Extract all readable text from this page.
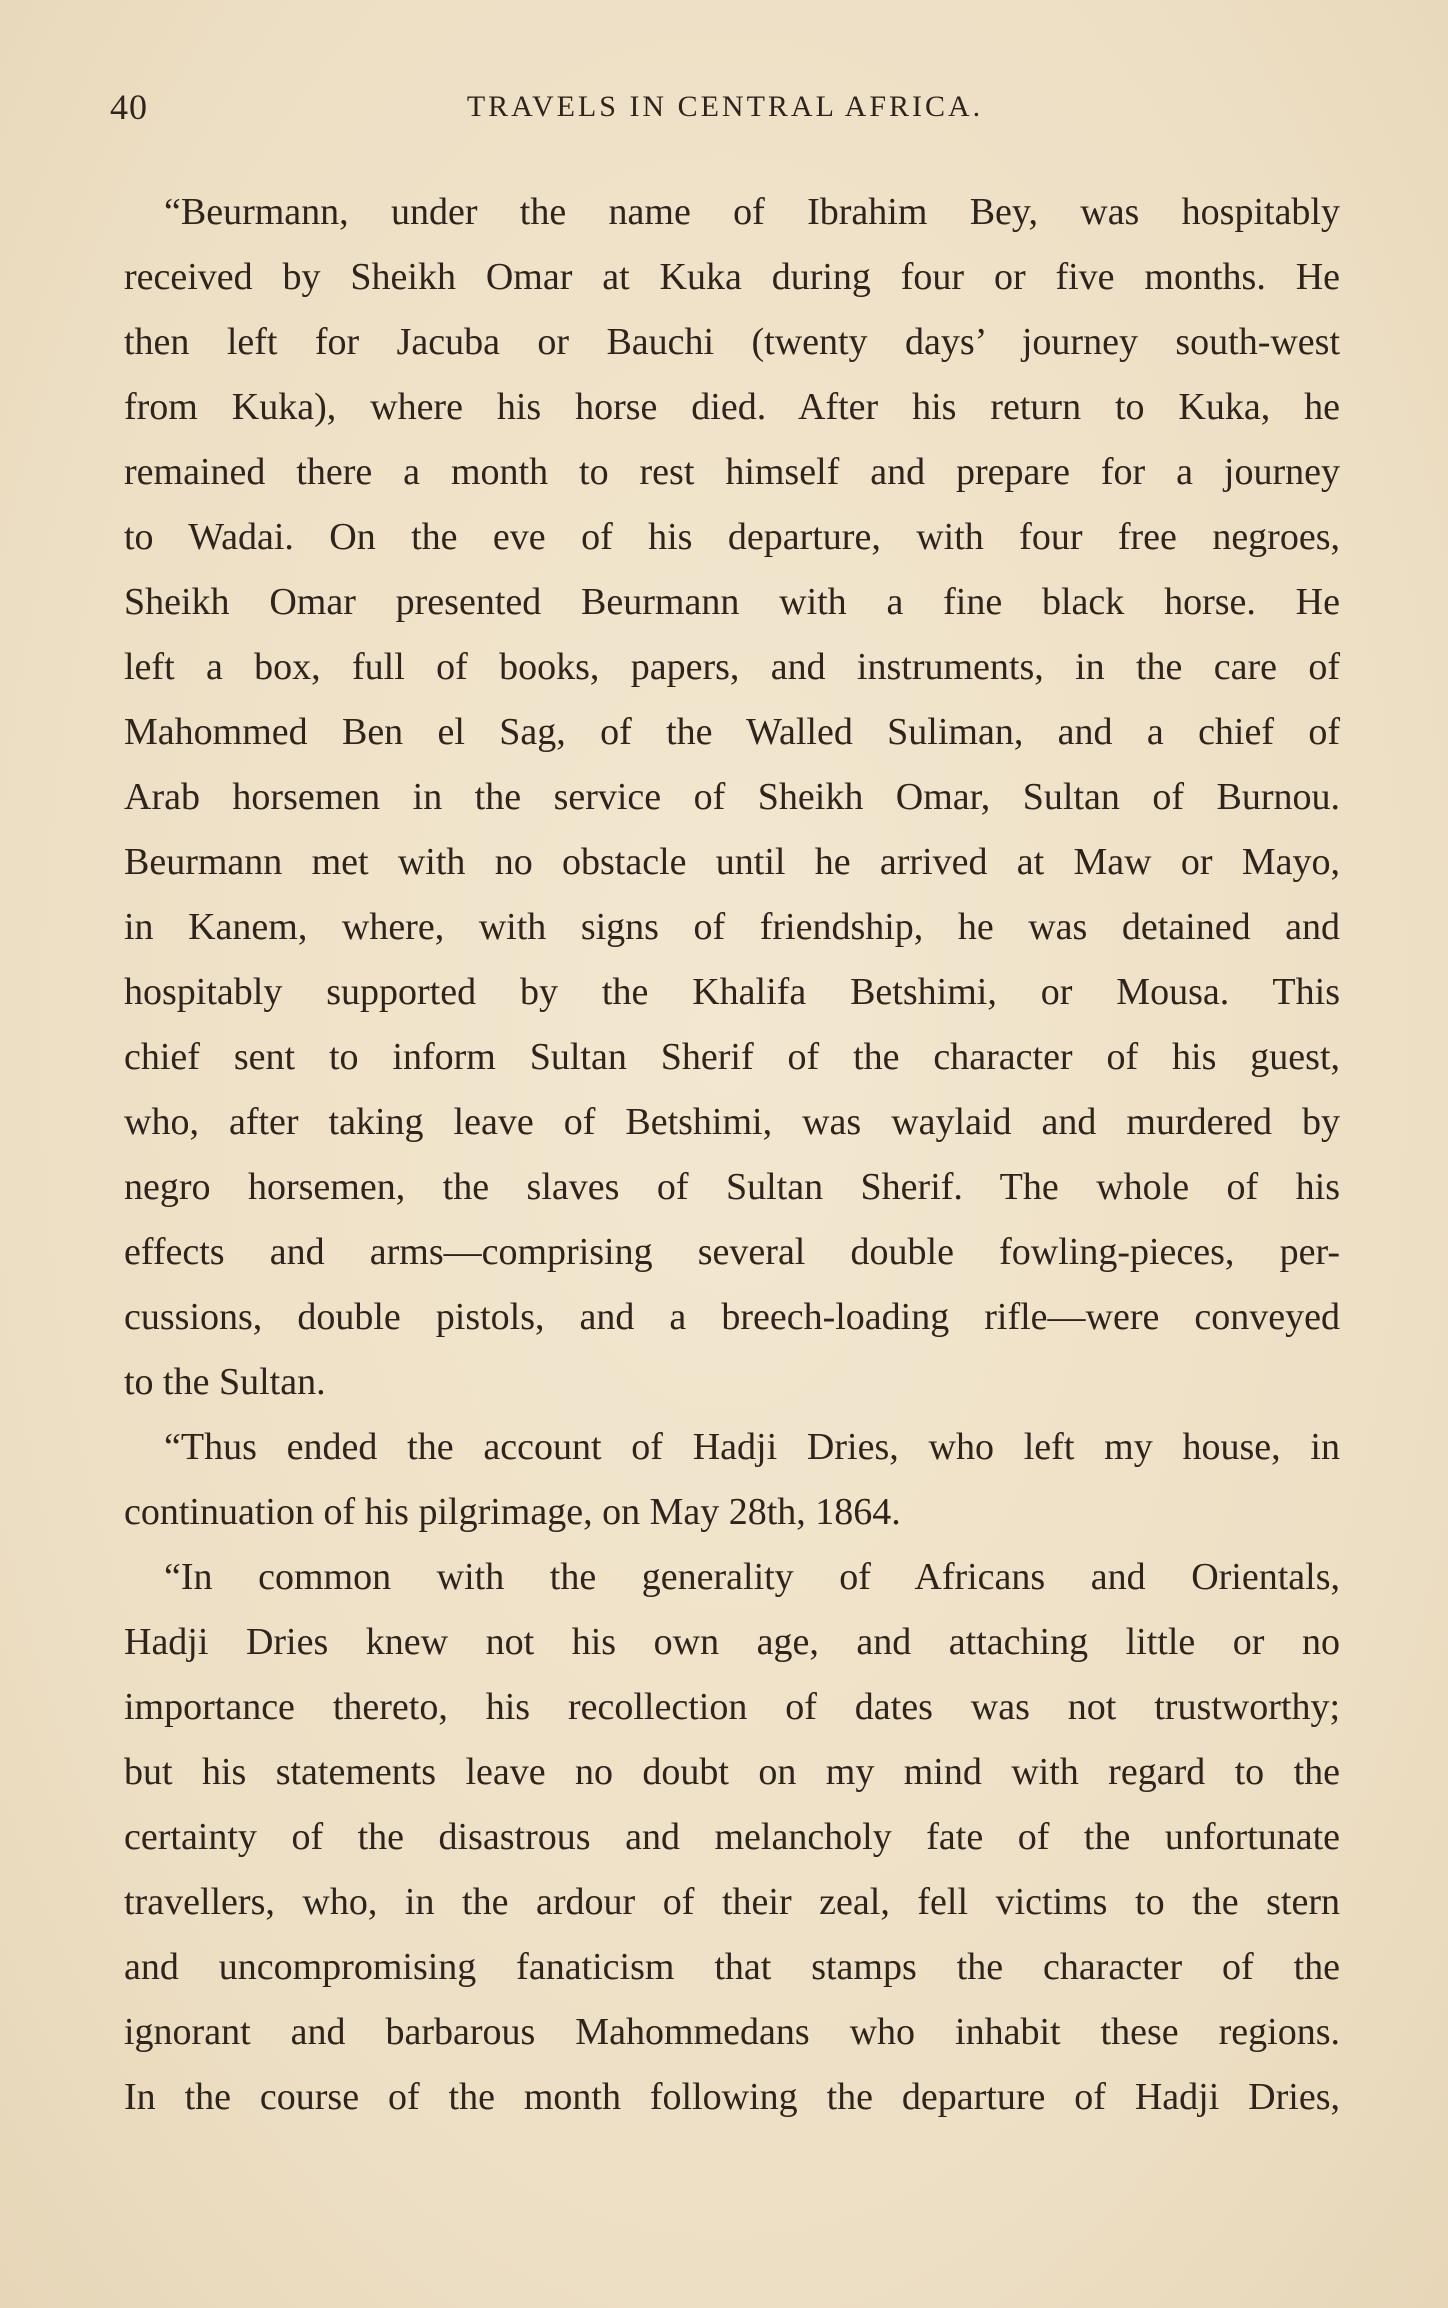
40	TRAVELS IN CENTRAL AFRICA.
“Beurmann, under the name of Ibrahim Bey, was hospitably
received by Sheikh Omar at Kuka during four or five months. He
then left for Jacuba or Bauchi (twenty days’ journey south-west
from Kuka), where his horse died. After his return to Kuka, he
remained there a month to rest himself and prepare for a journey
to Wadai. On the eve of his departure, with four free negroes,
Sheikh Omar presented Beurmann with a fine black horse. He
left a box, full of books, papers, and instruments, in the care of
Mahommed Ben el Sag, of the Walled Suliman, and a chief of
Arab horsemen in the service of Sheikh Omar, Sultan of Burnou.
Beurmann met with no obstacle until he arrived at Maw or Mayo,
in Kanem, where, with signs of friendship, he was detained and
hospitably supported by the Khalifa Betshimi, or Mousa. This
chief sent to inform Sultan Sherif of the character of his guest,
who, after taking leave of Betshimi, was waylaid and murdered by
negro horsemen, the slaves of Sultan Sherif. The whole of his
effects and arms—comprising several double fowling-pieces, per-
cussions, double pistols, and a breech-loading rifle—were conveyed
to the Sultan.
“Thus ended the account of Hadji Dries, who left my house, in
continuation of his pilgrimage, on May 28th, 1864.
“In common with the generality of Africans and Orientals,
Hadji Dries knew not his own age, and attaching little or no
importance thereto, his recollection of dates was not trustworthy;
but his statements leave no doubt on my mind with regard to the
certainty of the disastrous and melancholy fate of the unfortunate
travellers, who, in the ardour of their zeal, fell victims to the stern
and uncompromising fanaticism that stamps the character of the
ignorant and barbarous Mahommedans who inhabit these regions.
In the course of the month following the departure of Hadji Dries,
